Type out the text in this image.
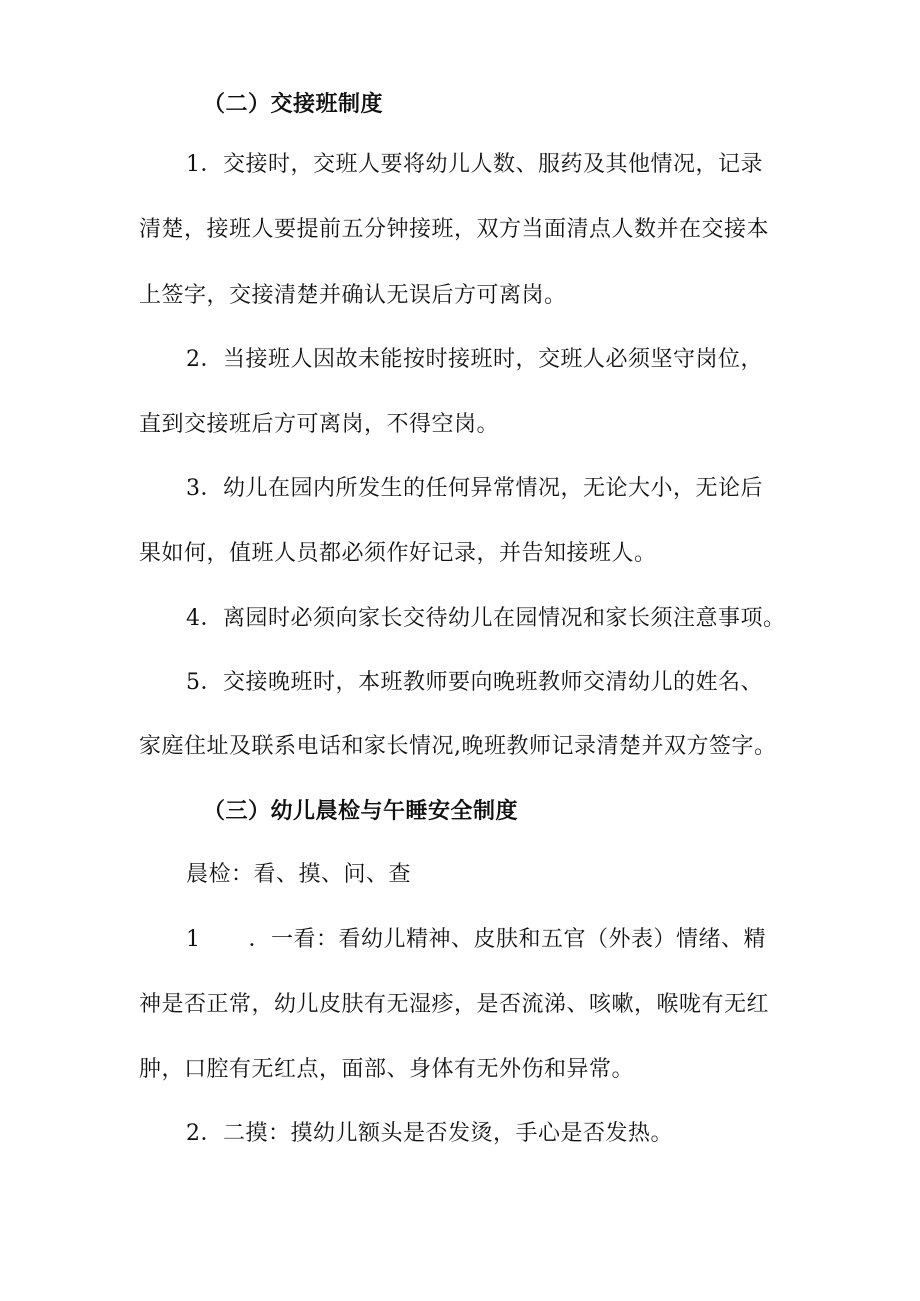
（二）交接班制度
1．交接时，交班人要将幼儿人数、服药及其他情况，记录
清楚，接班人要提前五分钟接班，双方当面清点人数并在交接本
上签字，交接清楚并确认无误后方可离岗。
2．当接班人因故未能按时接班时，交班人必须坚守岗位，
直到交接班后方可离岗，不得空岗。
3．幼儿在园内所发生的任何异常情况，无论大小，无论后
果如何，值班人员都必须作好记录，并告知接班人。
4．离园时必须向家长交待幼儿在园情况和家长须注意事项。
5．交接晚班时，本班教师要向晚班教师交清幼儿的姓名、
家庭住址及联系电话和家长情况,晚班教师记录清楚并双方签字。
（三）幼儿晨检与午睡安全制度
晨检：看、摸、问、查
1 ．一看：看幼儿精神、皮肤和五官（外表）情绪、精
神是否正常，幼儿皮肤有无湿疹，是否流涕、咳嗽，喉咙有无红
肿，口腔有无红点，面部、身体有无外伤和异常。
2．二摸：摸幼儿额头是否发烫，手心是否发热。
